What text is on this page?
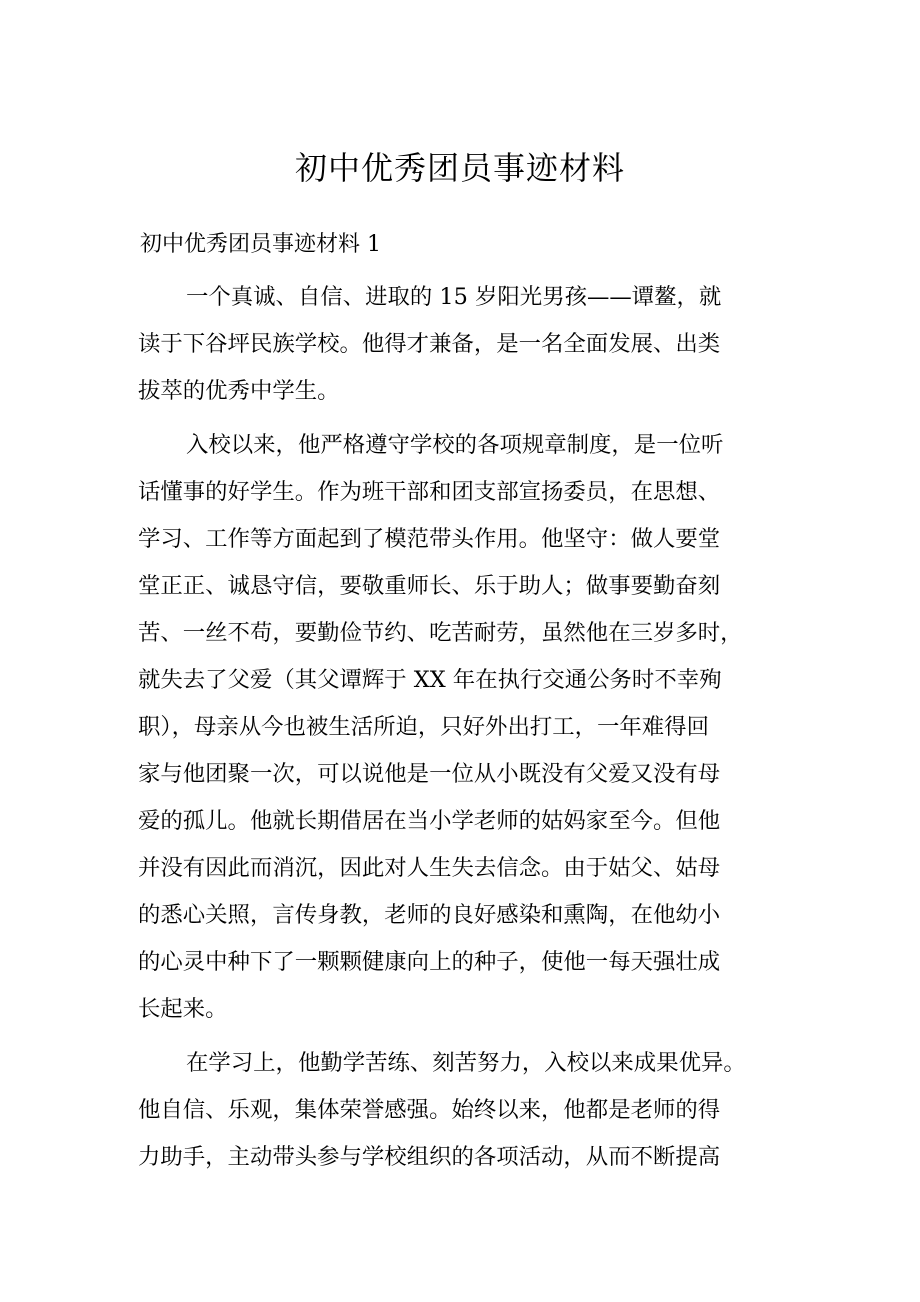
初中优秀团员事迹材料
初中优秀团员事迹材料 1
一个真诚、自信、进取的 15 岁阳光男孩——谭鳌，就
读于下谷坪民族学校。他得才兼备，是一名全面发展、出类
拔萃的优秀中学生。
入校以来，他严格遵守学校的各项规章制度，是一位听
话懂事的好学生。作为班干部和团支部宣扬委员，在思想、
学习、工作等方面起到了模范带头作用。他坚守：做人要堂
堂正正、诚恳守信，要敬重师长、乐于助人；做事要勤奋刻
苦、一丝不苟，要勤俭节约、吃苦耐劳，虽然他在三岁多时，
就失去了父爱（其父谭辉于 XX 年在执行交通公务时不幸殉
职），母亲从今也被生活所迫，只好外出打工，一年难得回
家与他团聚一次，可以说他是一位从小既没有父爱又没有母
爱的孤儿。他就长期借居在当小学老师的姑妈家至今。但他
并没有因此而消沉，因此对人生失去信念。由于姑父、姑母
的悉心关照，言传身教，老师的良好感染和熏陶，在他幼小
的心灵中种下了一颗颗健康向上的种子，使他一每天强壮成
长起来。
在学习上，他勤学苦练、刻苦努力，入校以来成果优异。
他自信、乐观，集体荣誉感强。始终以来，他都是老师的得
力助手，主动带头参与学校组织的各项活动，从而不断提高
